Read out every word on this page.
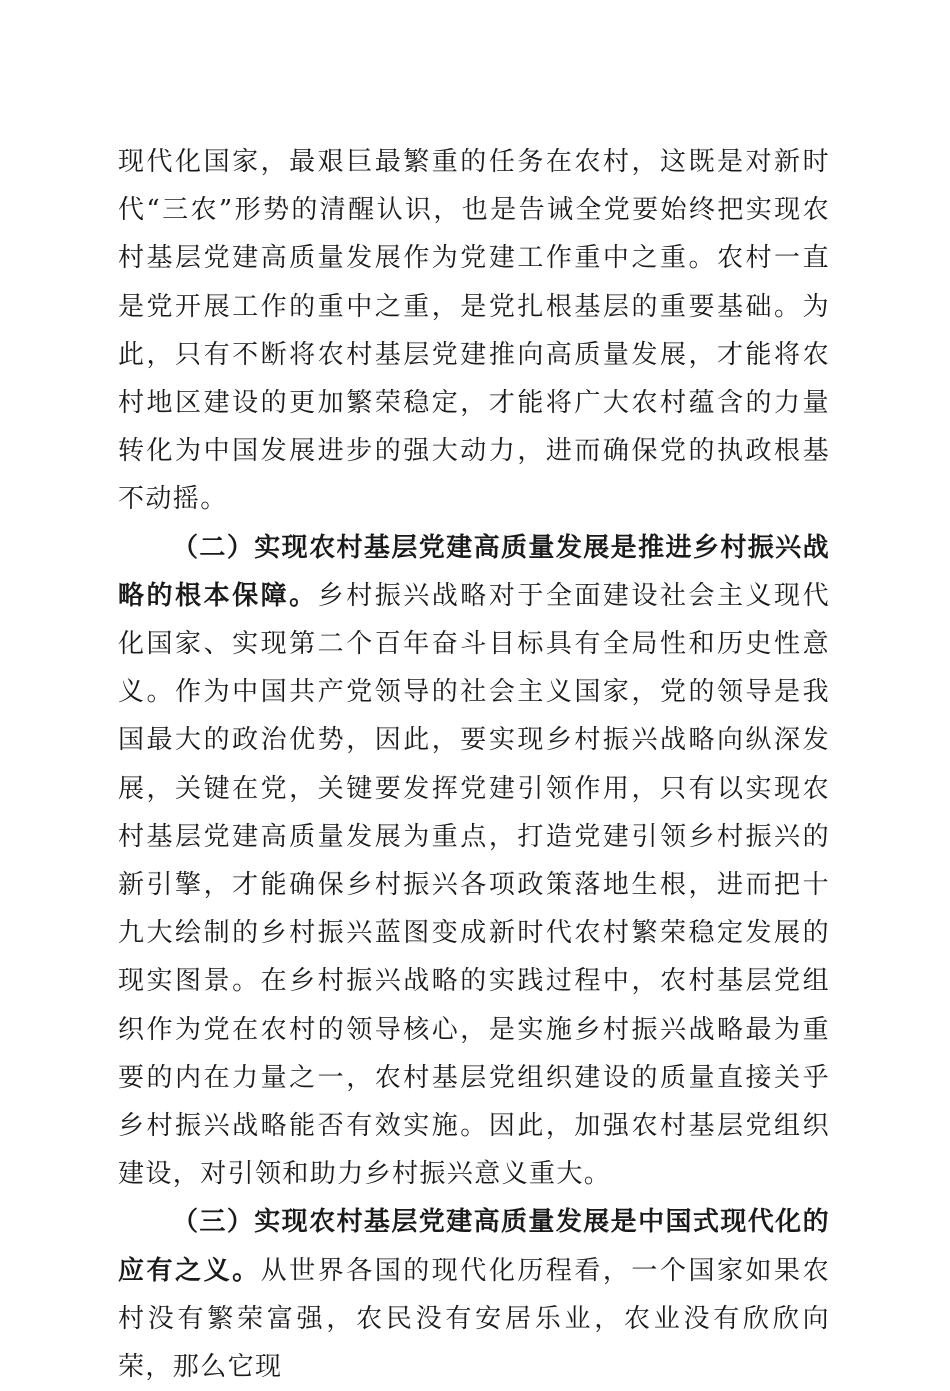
现代化国家，最艰巨最繁重的任务在农村，这既是对新时代“三农”形势的清醒认识，也是告诫全党要始终把实现农村基层党建高质量发展作为党建工作重中之重。农村一直是党开展工作的重中之重，是党扎根基层的重要基础。为此，只有不断将农村基层党建推向高质量发展，才能将农村地区建设的更加繁荣稳定，才能将广大农村蕴含的力量转化为中国发展进步的强大动力，进而确保党的执政根基不动摇。

（二）实现农村基层党建高质量发展是推进乡村振兴战略的根本保障。乡村振兴战略对于全面建设社会主义现代化国家、实现第二个百年奋斗目标具有全局性和历史性意义。作为中国共产党领导的社会主义国家，党的领导是我国最大的政治优势，因此，要实现乡村振兴战略向纵深发展，关键在党，关键要发挥党建引领作用，只有以实现农村基层党建高质量发展为重点，打造党建引领乡村振兴的新引擎，才能确保乡村振兴各项政策落地生根，进而把十九大绘制的乡村振兴蓝图变成新时代农村繁荣稳定发展的现实图景。在乡村振兴战略的实践过程中，农村基层党组织作为党在农村的领导核心，是实施乡村振兴战略最为重要的内在力量之一，农村基层党组织建设的质量直接关乎乡村振兴战略能否有效实施。因此，加强农村基层党组织建设，对引领和助力乡村振兴意义重大。

（三）实现农村基层党建高质量发展是中国式现代化的应有之义。从世界各国的现代化历程看，一个国家如果农村没有繁荣富强，农民没有安居乐业，农业没有欣欣向荣，那么它现
